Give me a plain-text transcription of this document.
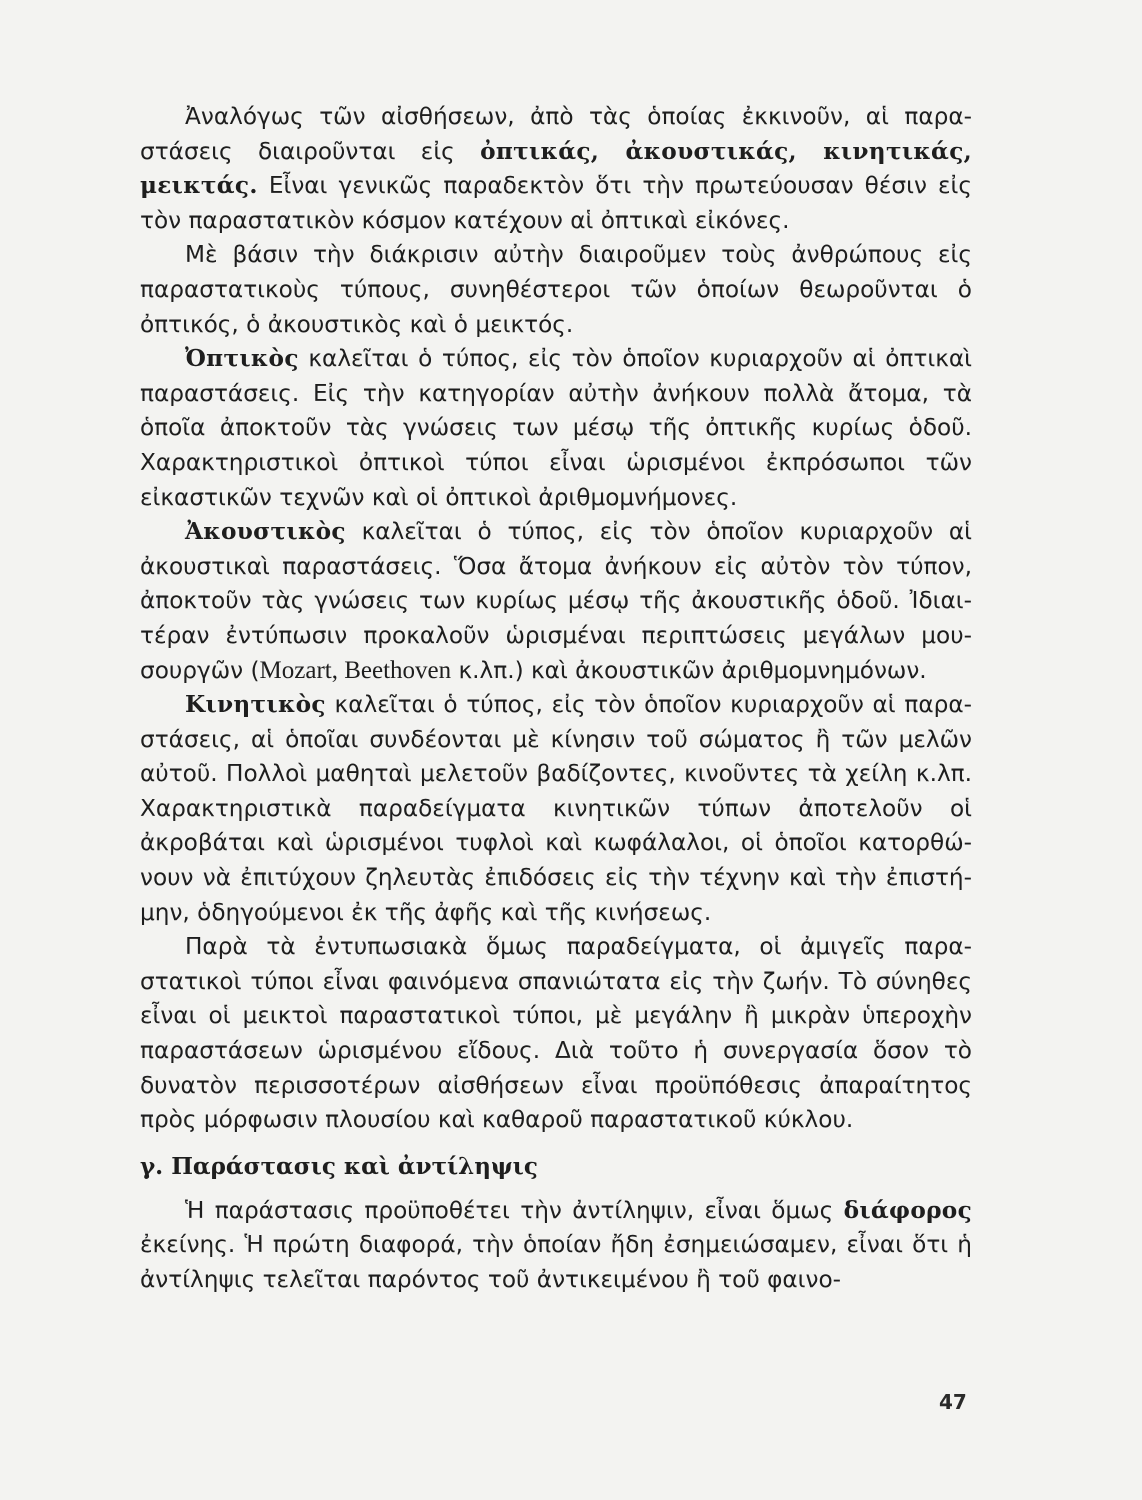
Ἀναλόγως τῶν αἰσθήσεων, ἀπὸ τὰς ὁποίας ἐκκινοῦν, αἱ παραστάσεις διαιροῦνται εἰς ὀπτικάς, ἀκουστικάς, κινητικάς, μεικτάς. Εἶναι γενικῶς παραδεκτὸν ὅτι τὴν πρωτεύουσαν θέσιν εἰς τὸν παραστατικὸν κόσμον κατέχουν αἱ ὀπτικαὶ εἰκόνες.

Μὲ βάσιν τὴν διάκρισιν αὐτὴν διαιροῦμεν τοὺς ἀνθρώπους εἰς παραστατικοὺς τύπους, συνηθέστεροι τῶν ὁποίων θεωροῦνται ὁ ὀπτικός, ὁ ἀκουστικὸς καὶ ὁ μεικτός.

Ὀπτικὸς καλεῖται ὁ τύπος, εἰς τὸν ὁποῖον κυριαρχοῦν αἱ ὀπτικαὶ παραστάσεις. Εἰς τὴν κατηγορίαν αὐτὴν ἀνήκουν πολλὰ ἄτομα, τὰ ὁποῖα ἀποκτοῦν τὰς γνώσεις των μέσῳ τῆς ὀπτικῆς κυρίως ὁδοῦ. Χαρακτηριστικοὶ ὀπτικοὶ τύποι εἶναι ὡρισμένοι ἐκπρόσωποι τῶν εἰκαστικῶν τεχνῶν καὶ οἱ ὀπτικοὶ ἀριθμομνήμονες.

Ἀκουστικὸς καλεῖται ὁ τύπος, εἰς τὸν ὁποῖον κυριαρχοῦν αἱ ἀκουστικαὶ παραστάσεις. Ὅσα ἄτομα ἀνήκουν εἰς αὐτὸν τὸν τύπον, ἀποκτοῦν τὰς γνώσεις των κυρίως μέσῳ τῆς ἀκουστικῆς ὁδοῦ. Ἰδιαιτέραν ἐντύπωσιν προκαλοῦν ὡρισμέναι περιπτώσεις μεγάλων μουσουργῶν (Mozart, Beethoven κ.λπ.) καὶ ἀκουστικῶν ἀριθμομνημόνων.

Κινητικὸς καλεῖται ὁ τύπος, εἰς τὸν ὁποῖον κυριαρχοῦν αἱ παραστάσεις, αἱ ὁποῖαι συνδέονται μὲ κίνησιν τοῦ σώματος ἢ τῶν μελῶν αὐτοῦ. Πολλοὶ μαθηταὶ μελετοῦν βαδίζοντες, κινοῦντες τὰ χείλη κ.λπ. Χαρακτηριστικὰ παραδείγματα κινητικῶν τύπων ἀποτελοῦν οἱ ἀκροβάται καὶ ὡρισμένοι τυφλοὶ καὶ κωφάλαλοι, οἱ ὁποῖοι κατορθώνουν νὰ ἐπιτύχουν ζηλευτὰς ἐπιδόσεις εἰς τὴν τέχνην καὶ τὴν ἐπιστήμην, ὁδηγούμενοι ἐκ τῆς ἀφῆς καὶ τῆς κινήσεως.

Παρὰ τὰ ἐντυπωσιακὰ ὅμως παραδείγματα, οἱ ἀμιγεῖς παραστατικοὶ τύποι εἶναι φαινόμενα σπανιώτατα εἰς τὴν ζωήν. Τὸ σύνηθες εἶναι οἱ μεικτοὶ παραστατικοὶ τύποι, μὲ μεγάλην ἢ μικρὰν ὑπεροχὴν παραστάσεων ὡρισμένου εἴδους. Διὰ τοῦτο ἡ συνεργασία ὅσον τὸ δυνατὸν περισσοτέρων αἰσθήσεων εἶναι προϋπόθεσις ἀπαραίτητος πρὸς μόρφωσιν πλουσίου καὶ καθαροῦ παραστατικοῦ κύκλου.

γ. Παράστασις καὶ ἀντίληψις

Ἡ παράστασις προϋποθέτει τὴν ἀντίληψιν, εἶναι ὅμως διάφορος ἐκείνης. Ἡ πρώτη διαφορά, τὴν ὁποίαν ἤδη ἐσημειώσαμεν, εἶναι ὅτι ἡ ἀντίληψις τελεῖται παρόντος τοῦ ἀντικειμένου ἢ τοῦ φαινο-

47
